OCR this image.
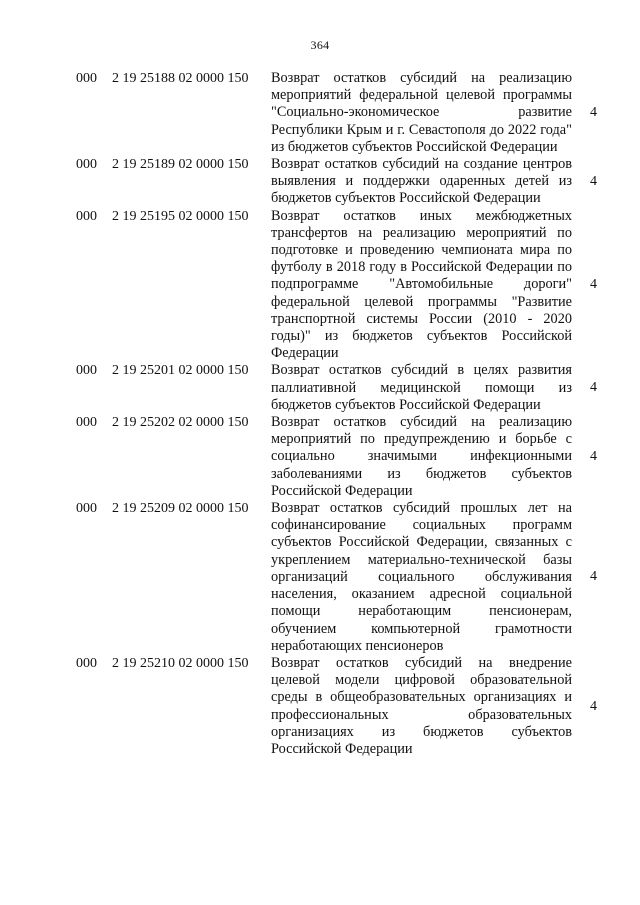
364
000 2 19 25188 02 0000 150 Возврат остатков субсидий на реализацию мероприятий федеральной целевой программы "Социально-экономическое развитие Республики Крым и г. Севастополя до 2022 года" из бюджетов субъектов Российской Федерации
4
000 2 19 25189 02 0000 150 Возврат остатков субсидий на создание центров выявления и поддержки одаренных детей из бюджетов субъектов Российской Федерации
4
000 2 19 25195 02 0000 150 Возврат остатков иных межбюджетных трансфертов на реализацию мероприятий по подготовке и проведению чемпионата мира по футболу в 2018 году в Российской Федерации по подпрограмме "Автомобильные дороги" федеральной целевой программы "Развитие транспортной системы России (2010 - 2020 годы)" из бюджетов субъектов Российской Федерации
4
000 2 19 25201 02 0000 150 Возврат остатков субсидий в целях развития паллиативной медицинской помощи из бюджетов субъектов Российской Федерации
4
000 2 19 25202 02 0000 150 Возврат остатков субсидий на реализацию мероприятий по предупреждению и борьбе с социально значимыми инфекционными заболеваниями из бюджетов субъектов Российской Федерации
4
000 2 19 25209 02 0000 150 Возврат остатков субсидий прошлых лет на софинансирование социальных программ субъектов Российской Федерации, связанных с укреплением материально-технической базы организаций социального обслуживания населения, оказанием адресной социальной помощи неработающим пенсионерам, обучением компьютерной грамотности неработающих пенсионеров
4
000 2 19 25210 02 0000 150 Возврат остатков субсидий на внедрение целевой модели цифровой образовательной среды в общеобразовательных организациях и профессиональных образовательных организациях из бюджетов субъектов Российской Федерации
4
